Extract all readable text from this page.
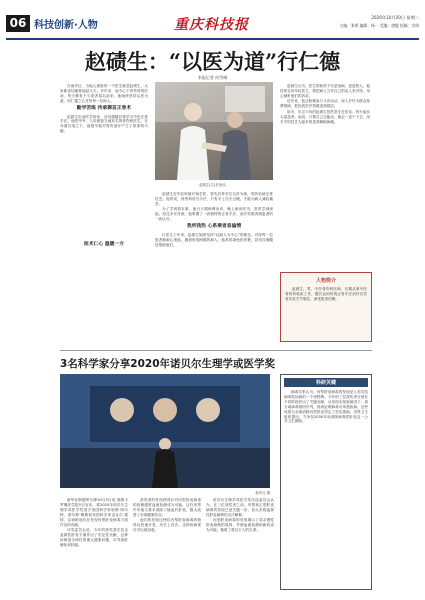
06 科技创新·人物	重庆科技报	2020年10月20日 星期二
主编：张明 编辑：杨一 美编：唐俊 投稿：宗明
赵碛生：“以医为道”行仁德
本报记者 何雪琳
赵碛生(右)在坐诊。

在南岸区，当地人最爱的一个医生就是赵碛生，大家都亲切地称他赵大夫。多年来，他专心于骨伤科的医治，每天都有不少患者慕名前来。他始终坚持以医为道，用仁德之心对待每一位病人。

勤学苦练 传承御苗正骨术

赵碛生出身医学世家，自幼跟随长辈学习中医正骨手法。他的爷爷、父亲都是当地有名的骨伤科医生，在耳濡目染之下，他很早就对骨伤治疗产生了浓厚的兴趣。

赵碛生在年轻时就开始学医，曾先后拜多位名医为师，刻苦钻研正骨技艺。他常说，骨伤科讲究手法，只有手上功夫过硬，才能为病人减轻痛苦。

为了学到真本事，他白天跟师傅出诊，晚上研读医书，常常学到深夜。经过多年苦练，他掌握了一套独特的正骨手法，治疗效果得到患者的一致认可。

我所我热 心系乘者显偏情

行医几十年来，赵碛生始终坚持“以病人为中心”的理念，对待每一位患者都耐心细致。遇到家庭困难的病人，他常常减免医药费，甚至自掏腰包帮助他们。

医术仁心 温暖一方

赵碛生认为，医生的职责不仅是治病，更是救人。他经常告诉年轻医生，要把病人当作自己的亲人来对待，用心倾听他们的诉求。

近年来，他还积极参与义诊活动，深入乡村为群众免费看病，把优质医疗资源送到基层。

如今，年过六旬的赵碛生依然坚守在诊室，每天接诊大量患者。他说，只要自己还能动，就会一直干下去，用手中的技艺为更多的患者解除病痛。

人物简介
赵碛生，男，中医骨伤科医师，长期从事中医骨伤科临床工作，擅长运用传统正骨手法治疗各类骨折及关节脱位，深受患者信赖。
3名科学家分享2020年诺贝尔生理学或医学奖
新华社 摄

新华社斯德哥尔摩10月5日电 瑞典卡罗琳医学院5日宣布，将2020年诺贝尔生理学或医学奖授予美国科学家哈维·阿尔特、查尔斯·赖斯和英国科学家迈克尔·霍顿，以表彰他们在发现丙型肝炎病毒方面作出的贡献。

评奖委员会说，今年的获奖者在抗击血源性肝炎方面作出了决定性贡献，这种疾病是全球性的重大健康问题，可导致肝硬化和肝癌。

获奖者的发现使得针对丙型肝炎病毒的高敏感度血液检测成为可能，这在世界许多地方基本消除了输血后肝炎，极大改善了全球健康状况。

他们的发现还使抗丙型肝炎病毒药物得以快速开发，历史上首次，这种疾病现在可以被治愈。

诺贝尔生理学或医学奖评选委员会认为，在三位获奖者之前，甲型和乙型肝炎病毒的发现已是关键一步，但大多数血源性肝炎病例仍无法解释。

丙型肝炎病毒的发现揭示了其余慢性肝炎病例的原因，并使血液检测和新药成为可能，挽救了数百万人的生命。

科研关键
病毒学家认为，丙型肝炎病毒的发现是人类对抗病毒性疾病的一个里程碑。今年的三位获奖者分别在不同阶段作出了关键贡献，从发现未知致病因子，到分离病毒基因序列，再到证明病毒可单独致病。这些成果为全球消除丙型肝炎奠定了坚实基础。世界卫生组织提出，力争在2030年前消除病毒性肝炎这一公共卫生威胁。
